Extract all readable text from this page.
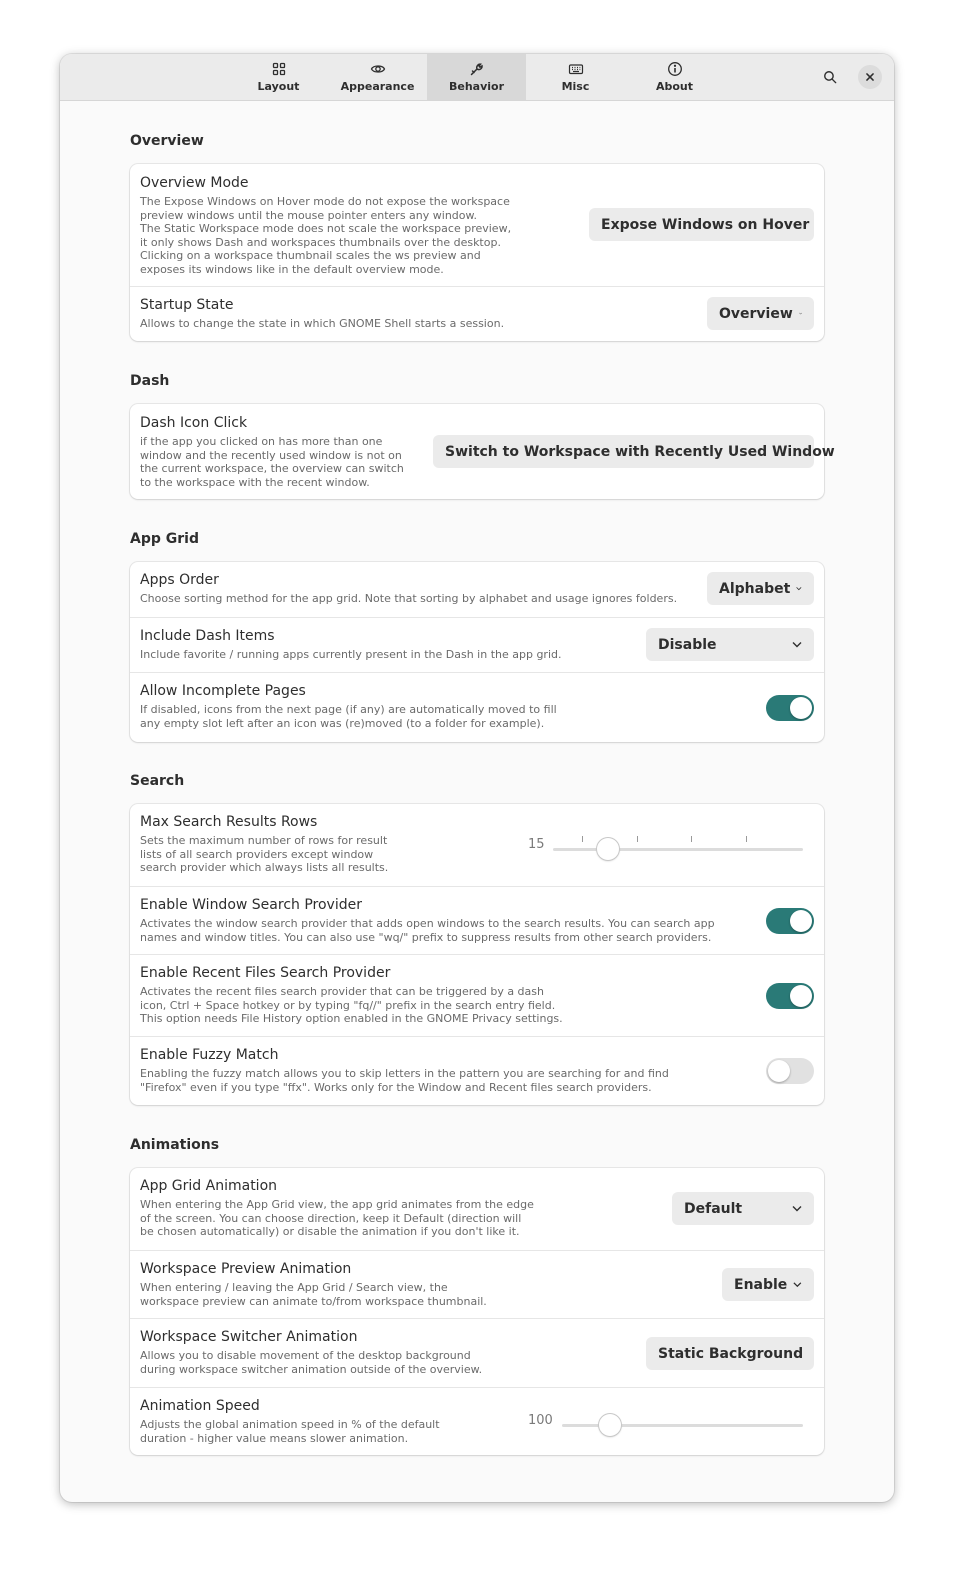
Layout	Appearance	Behavior	Misc	About
Overview
Overview Mode
The Expose Windows on Hover mode do not expose the workspace
preview windows until the mouse pointer enters any window.
The Static Workspace mode does not scale the workspace preview,
it only shows Dash and workspaces thumbnails over the desktop.
Clicking on a workspace thumbnail scales the ws preview and
exposes its windows like in the default overview mode.
Expose Windows on Hover
Startup State
Allows to change the state in which GNOME Shell starts a session.
Overview
Dash
Dash Icon Click
if the app you clicked on has more than one
window and the recently used window is not on
the current workspace, the overview can switch
to the workspace with the recent window.
Switch to Workspace with Recently Used Window
App Grid
Apps Order
Choose sorting method for the app grid. Note that sorting by alphabet and usage ignores folders.
Alphabet
Include Dash Items
Include favorite / running apps currently present in the Dash in the app grid.
Disable
Allow Incomplete Pages
If disabled, icons from the next page (if any) are automatically moved to fill
any empty slot left after an icon was (re)moved (to a folder for example).
Search
Max Search Results Rows
Sets the maximum number of rows for result
lists of all search providers except window
search provider which always lists all results.
15
Enable Window Search Provider
Activates the window search provider that adds open windows to the search results. You can search app
names and window titles. You can also use "wq/" prefix to suppress results from other search providers.
Enable Recent Files Search Provider
Activates the recent files search provider that can be triggered by a dash
icon, Ctrl + Space hotkey or by typing "fq//" prefix in the search entry field.
This option needs File History option enabled in the GNOME Privacy settings.
Enable Fuzzy Match
Enabling the fuzzy match allows you to skip letters in the pattern you are searching for and find
"Firefox" even if you type "ffx". Works only for the Window and Recent files search providers.
Animations
App Grid Animation
When entering the App Grid view, the app grid animates from the edge
of the screen. You can choose direction, keep it Default (direction will
be chosen automatically) or disable the animation if you don't like it.
Default
Workspace Preview Animation
When entering / leaving the App Grid / Search view, the
workspace preview can animate to/from workspace thumbnail.
Enable
Workspace Switcher Animation
Allows you to disable movement of the desktop background
during workspace switcher animation outside of the overview.
Static Background
Animation Speed
Adjusts the global animation speed in % of the default
duration - higher value means slower animation.
100
